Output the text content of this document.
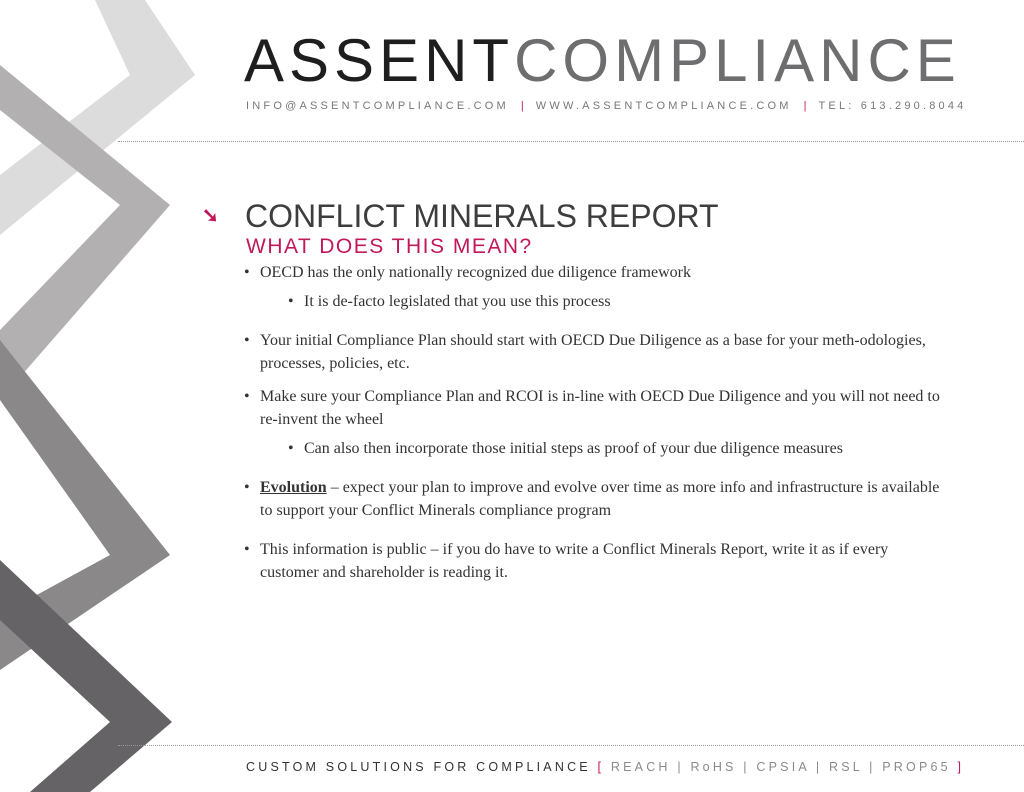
ASSENTCOMPLIANCE
INFO@ASSENTCOMPLIANCE.COM | WWW.ASSENTCOMPLIANCE.COM | TEL: 613.290.8044
➘ CONFLICT MINERALS REPORT
WHAT DOES THIS MEAN?
• OECD has the only nationally recognized due diligence framework
• It is de-facto legislated that you use this process
• Your initial Compliance Plan should start with OECD Due Diligence as a base for your meth-odologies, processes, policies, etc.
• Make sure your Compliance Plan and RCOI is in-line with OECD Due Diligence and you will not need to re-invent the wheel
• Can also then incorporate those initial steps as proof of your due diligence measures
• Evolution – expect your plan to improve and evolve over time as more info and infrastructure is available to support your Conflict Minerals compliance program
• This information is public – if you do have to write a Conflict Minerals Report, write it as if every customer and shareholder is reading it.
CUSTOM SOLUTIONS FOR COMPLIANCE [ REACH | RoHS | CPSIA | RSL | PROP65 ]
